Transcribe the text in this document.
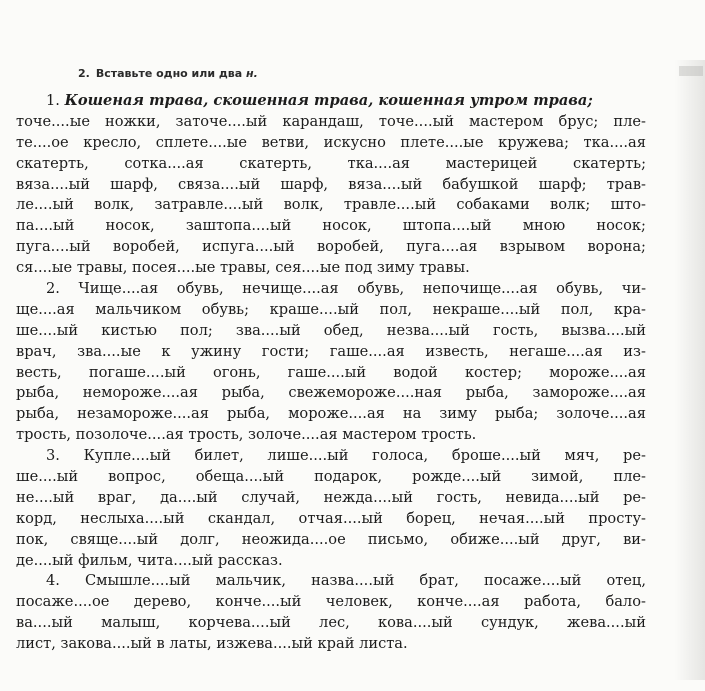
2. Вставьте одно или два н.
1.
Кошеная трава, скошенная трава, кошенная утром трава;
точе....ые ножки, заточе....ый карандаш, точе....ый мастером брус; пле-
те....ое кресло, сплете....ые ветви, искусно плете....ые кружева; тка....ая
скатерть, сотка....ая скатерть, тка....ая мастерицей скатерть;
вяза....ый шарф, связа....ый шарф, вяза....ый бабушкой шарф; трав-
ле....ый волк, затравле....ый волк, травле....ый собаками волк; што-
па....ый носок, заштопа....ый носок, штопа....ый мною носок;
пуга....ый воробей, испуга....ый воробей, пуга....ая взрывом ворона;
ся....ые травы, посея....ые травы, сея....ые под зиму травы.
2. Чище....ая обувь, нечище....ая обувь, непочище....ая обувь, чи-
ще....ая мальчиком обувь; краше....ый пол, некраше....ый пол, кра-
ше....ый кистью пол; зва....ый обед, незва....ый гость, вызва....ый
врач, зва....ые к ужину гости; гаше....ая известь, негаше....ая из-
весть, погаше....ый огонь, гаше....ый водой костер; мороже....ая
рыба, немороже....ая рыба, свежемороже....ная рыба, заморожe....ая
рыба, незаморожe....ая рыба, мороже....ая на зиму рыба; золоче....ая
трость, позолоче....ая трость, золоче....ая мастером трость.
3. Купле....ый билет, лише....ый голоса, броше....ый мяч, ре-
ше....ый вопрос, обеща....ый подарок, рожде....ый зимой, пле-
не....ый враг, да....ый случай, нежда....ый гость, невида....ый ре-
корд, неслыха....ый скандал, отчая....ый борец, нечая....ый просту-
пок, свяще....ый долг, неожида....ое письмо, обиже....ый друг, ви-
де....ый фильм, чита....ый рассказ.
4. Смышле....ый мальчик, назва....ый брат, посаже....ый отец,
посаже....ое дерево, конче....ый человек, конче....ая работа, бало-
ва....ый малыш, корчева....ый лес, кова....ый сундук, жева....ый
лист, закова....ый в латы, изжева....ый край листа.
